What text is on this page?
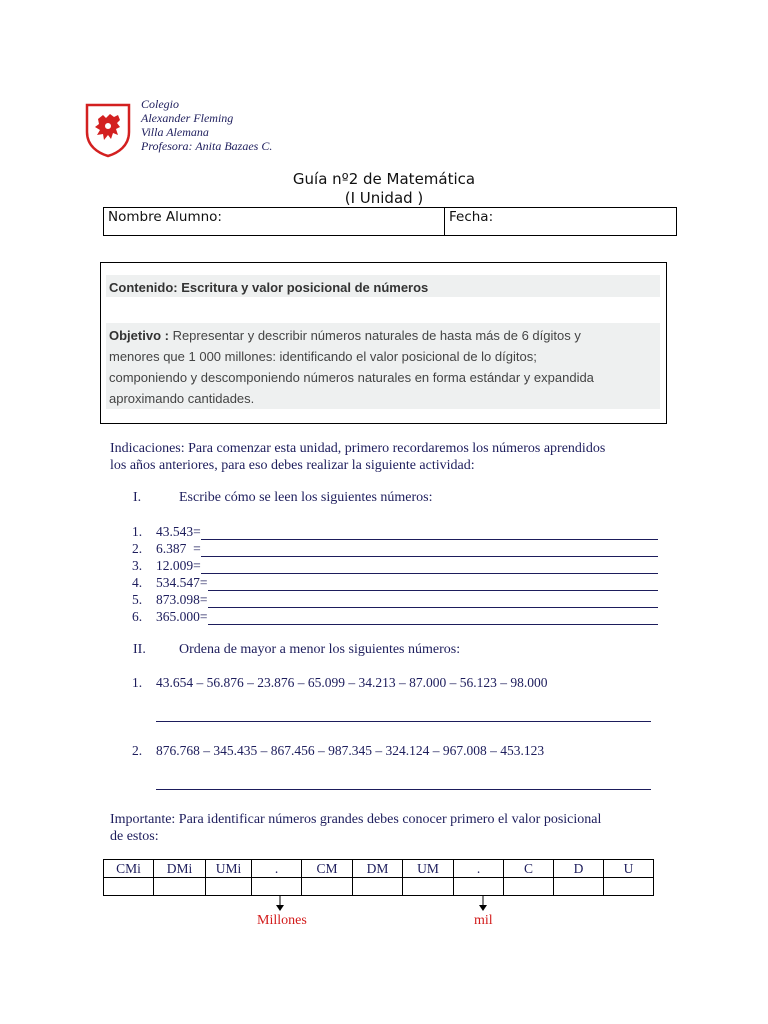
Colegio
Alexander Fleming
Villa Alemana
Profesora: Anita Bazaes C.
Guía nº2 de Matemática
(I Unidad )
Nombre Alumno:	Fecha:
Contenido: Escritura y valor posicional de números
Objetivo : Representar y describir números naturales de hasta más de 6 dígitos y
menores que 1 000 millones: identificando el valor posicional de lo dígitos;
componiendo y descomponiendo números naturales en forma estándar y expandida
aproximando cantidades.
Indicaciones: Para comenzar esta unidad, primero recordaremos los números aprendidos
los años anteriores, para eso debes realizar la siguiente actividad:
I.	Escribe cómo se leen los siguientes números:
1.	43.543=
2.	6.387  =
3.	12.009=
4.	534.547=
5.	873.098=
6.	365.000=
II. Ordena de mayor a menor los siguientes números:
1. 43.654 – 56.876 – 23.876 – 65.099 – 34.213 – 87.000 – 56.123 – 98.000
2. 876.768 – 345.435 – 867.456 – 987.345 – 324.124 – 967.008 – 453.123
Importante: Para identificar números grandes debes conocer primero el valor posicional
de estos:
CMi	DMi	UMi	.	CM	DM	UM	.	C	D	U

Millones	mil
